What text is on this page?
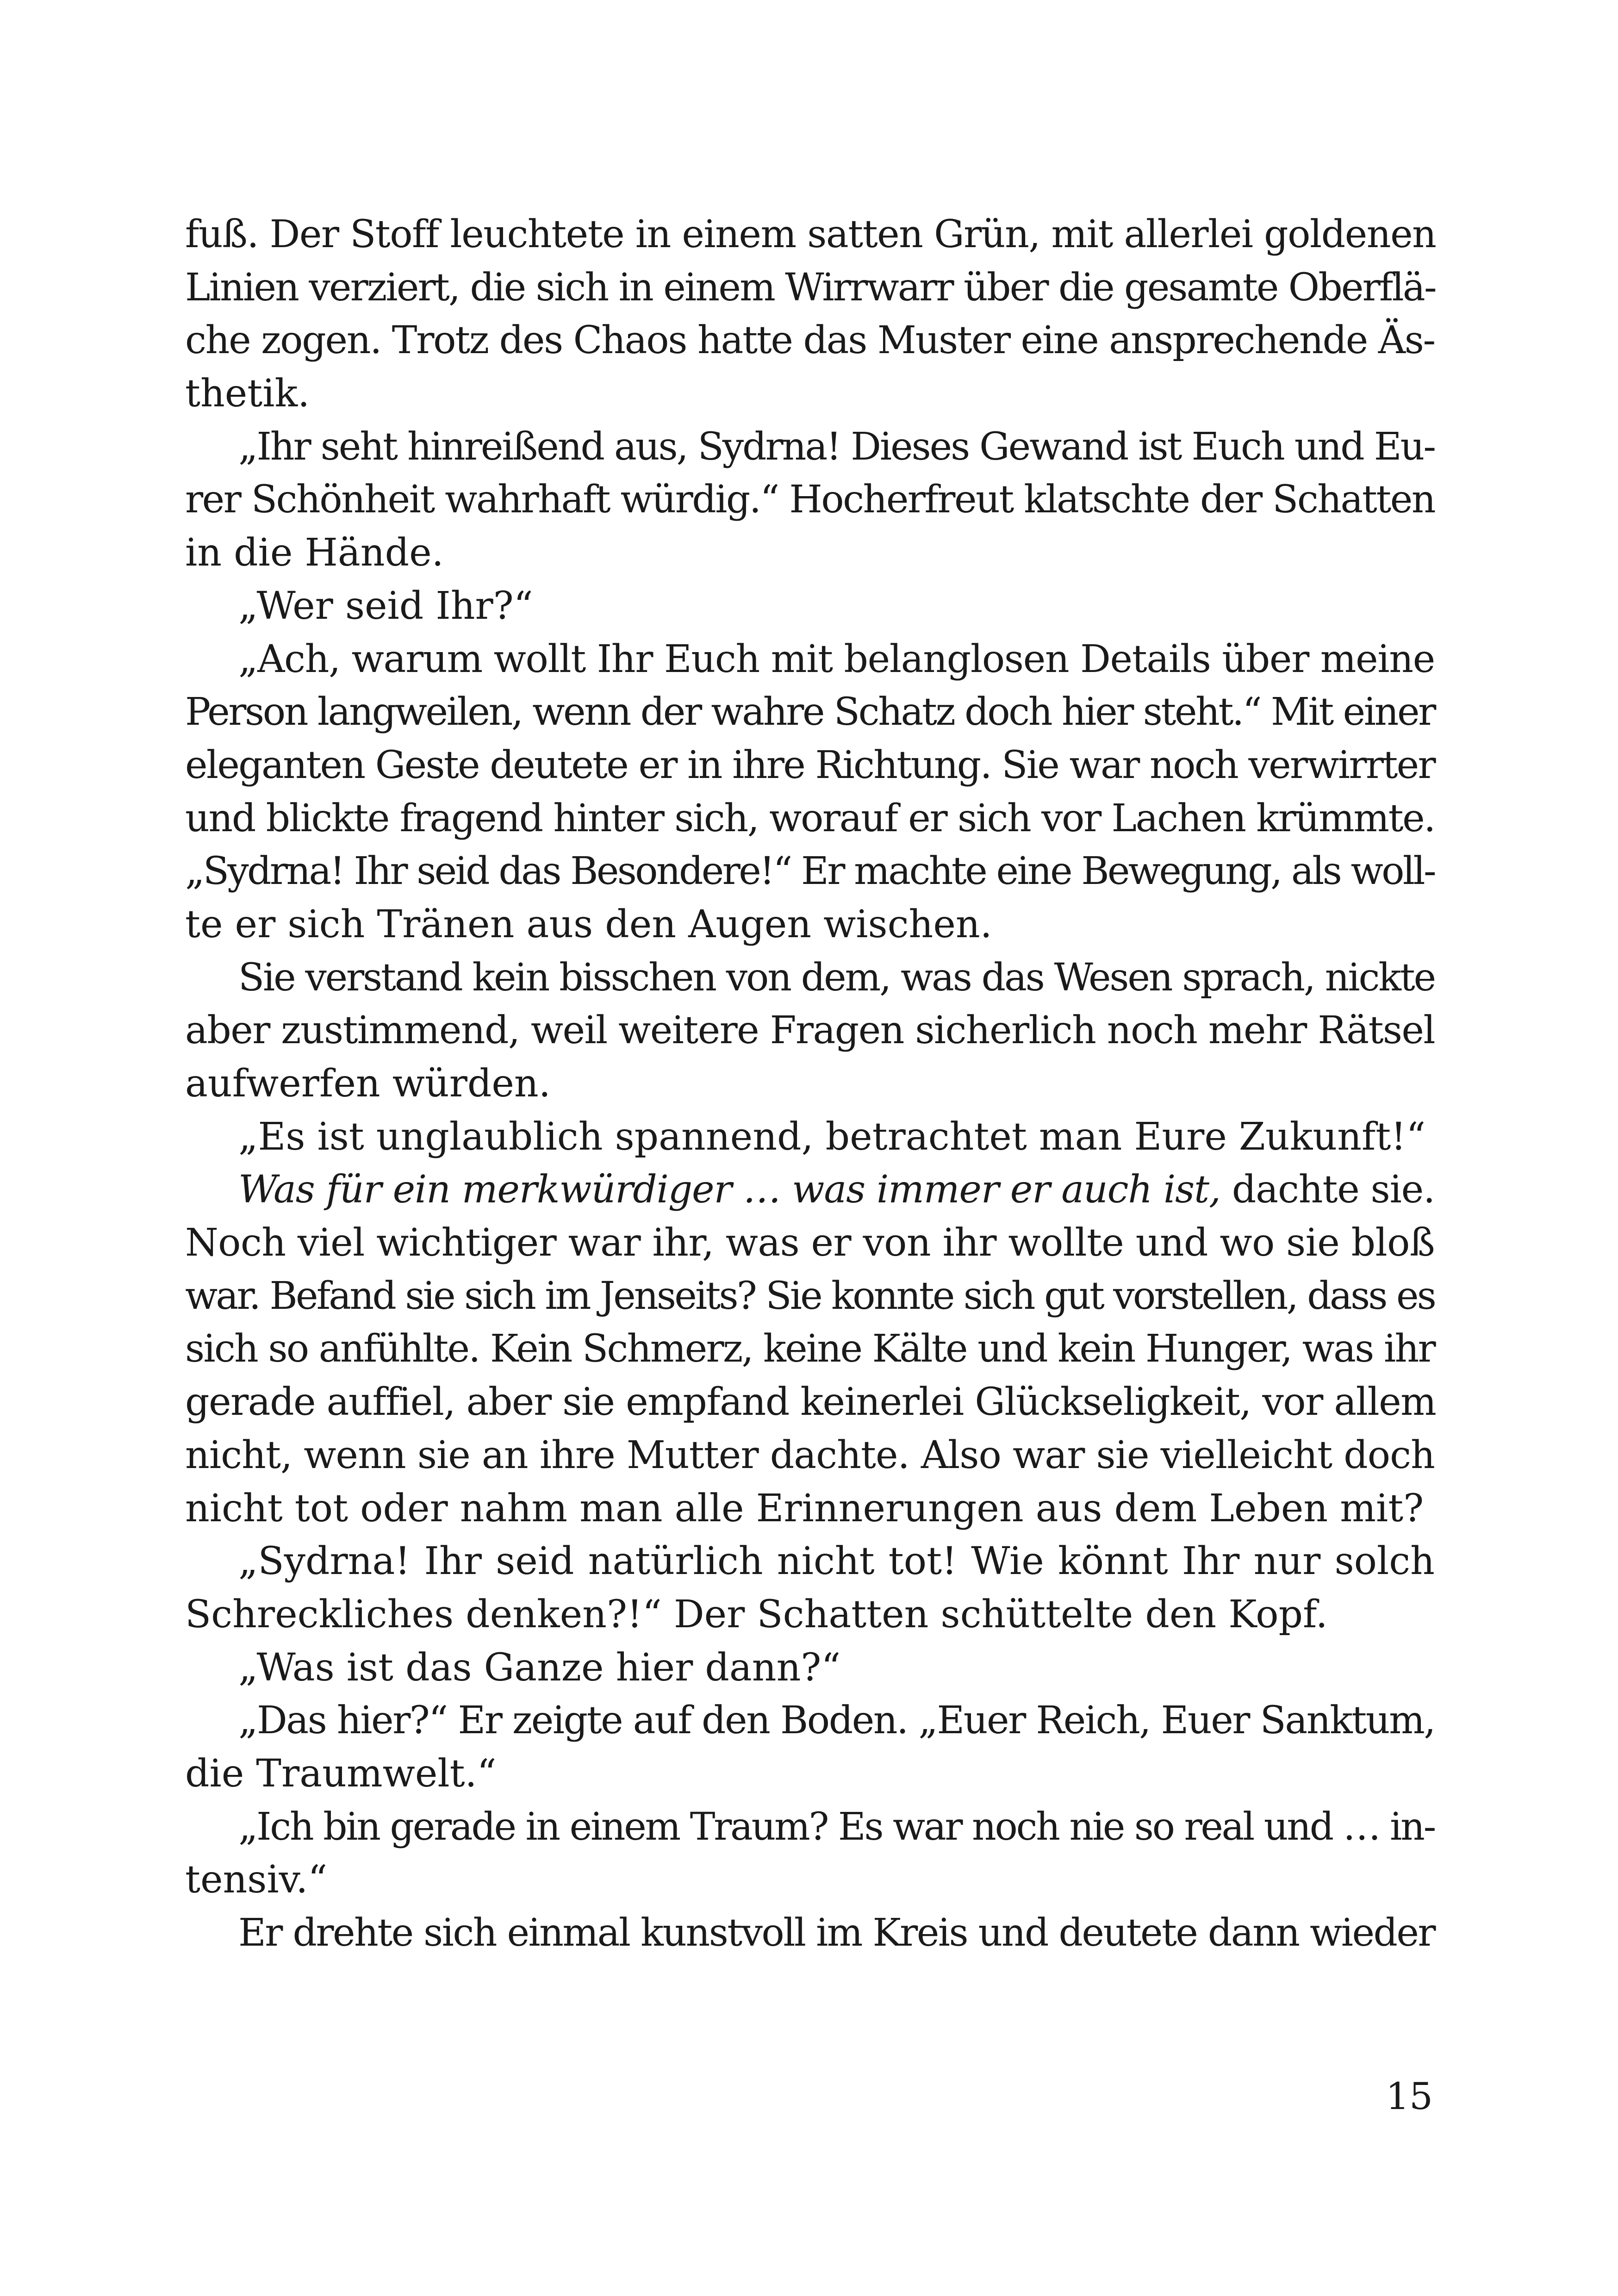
fuß. Der Stoff leuchtete in einem satten Grün, mit allerlei goldenen
Linien verziert, die sich in einem Wirrwarr über die gesamte Oberflä-
che zogen. Trotz des Chaos hatte das Muster eine ansprechende Äs-
thetik.
„Ihr seht hinreißend aus, Sydrna! Dieses Gewand ist Euch und Eu-
rer Schönheit wahrhaft würdig.“ Hocherfreut klatschte der Schatten
in die Hände.
„Wer seid Ihr?“
„Ach, warum wollt Ihr Euch mit belanglosen Details über meine
Person langweilen, wenn der wahre Schatz doch hier steht.“ Mit einer
eleganten Geste deutete er in ihre Richtung. Sie war noch verwirrter
und blickte fragend hinter sich, worauf er sich vor Lachen krümmte.
„Sydrna! Ihr seid das Besondere!“ Er machte eine Bewegung, als woll-
te er sich Tränen aus den Augen wischen.
Sie verstand kein bisschen von dem, was das Wesen sprach, nickte
aber zustimmend, weil weitere Fragen sicherlich noch mehr Rätsel
aufwerfen würden.
„Es ist unglaublich spannend, betrachtet man Eure Zukunft!“
Was für ein merkwürdiger … was immer er auch ist, dachte sie.
Noch viel wichtiger war ihr, was er von ihr wollte und wo sie bloß
war. Befand sie sich im Jenseits? Sie konnte sich gut vorstellen, dass es
sich so anfühlte. Kein Schmerz, keine Kälte und kein Hunger, was ihr
gerade auffiel, aber sie empfand keinerlei Glückseligkeit, vor allem
nicht, wenn sie an ihre Mutter dachte. Also war sie vielleicht doch
nicht tot oder nahm man alle Erinnerungen aus dem Leben mit?
„Sydrna! Ihr seid natürlich nicht tot! Wie könnt Ihr nur solch
Schreckliches denken?!“ Der Schatten schüttelte den Kopf.
„Was ist das Ganze hier dann?“
„Das hier?“ Er zeigte auf den Boden. „Euer Reich, Euer Sanktum,
die Traumwelt.“
„Ich bin gerade in einem Traum? Es war noch nie so real und … in-
tensiv.“
Er drehte sich einmal kunstvoll im Kreis und deutete dann wieder
15
